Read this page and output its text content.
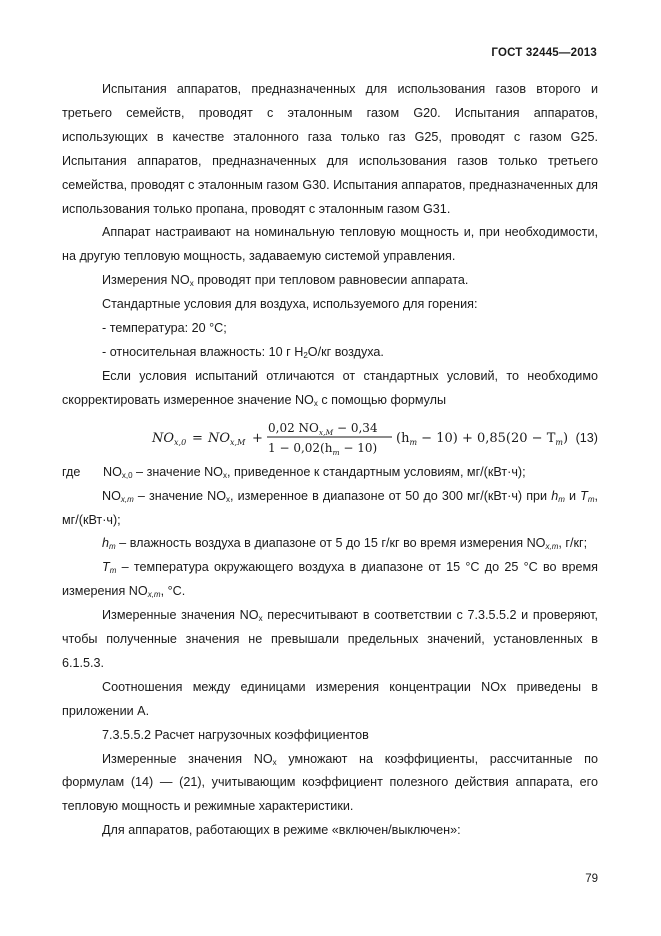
ГОСТ 32445—2013

Испытания аппаратов, предназначенных для использования газов второго и третьего семейств, проводят с эталонным газом G20. Испытания аппаратов, использующих в качестве эталонного газа только газ G25, проводят с газом G25. Испытания аппаратов, предназначенных для использования газов только третьего семейства, проводят с эталонным газом G30. Испытания аппаратов, предназначенных для использования только пропана, проводят с эталонным газом G31.

Аппарат настраивают на номинальную тепловую мощность и, при необходимости, на другую тепловую мощность, задаваемую системой управления.

Измерения $NO_x$ проводят при тепловом равновесии аппарата.

Стандартные условия для воздуха, используемого для горения:

- температура: 20 °С;

- относительная влажность: 10 г $H_2O/кг$ воздуха.

Если условия испытаний отличаются от стандартных условий, то необходимо скорректировать измеренное значение $NO_x$ с помощью формулы

$NO_{x,0} = NO_{x,M}$ +
0,02 $NO_{x,M} - 0,34$
$1 - 0,02(h_m - 10)$
$(h_m - 10) + 0,85(20 - T_m)$ (13)

где $NO_{x,0}$ – значение $NO_x$, приведенное к стандартным условиям, мг/(кВт·ч);

$NO_{x,m}$ – значение $NO_x$, измеренное в диапазоне от 50 до 300 мг/(кВт·ч) при $h_m$ и $T_m$, мг/(кВт·ч);

$h_m$ – влажность воздуха в диапазоне от 5 до 15 г/кг во время измерения $NO_{x,m}$, г/кг;

$T_m$ – температура окружающего воздуха в диапазоне от 15 °С до 25 °С во время измерения $NO_{x,m}$, °С.

Измеренные значения $NO_x$ пересчитывают в соответствии с 7.3.5.5.2 и проверяют, чтобы полученные значения не превышали предельных значений, установленных в 6.1.5.3.

Соотношения между единицами измерения концентрации NOx приведены в приложении А.

7.3.5.5.2 Расчет нагрузочных коэффициентов

Измеренные значения $NO_x$ умножают на коэффициенты, рассчитанные по формулам (14) — (21), учитывающим коэффициент полезного действия аппарата, его тепловую мощность и режимные характеристики.

Для аппаратов, работающих в режиме «включен/выключен»:

79
